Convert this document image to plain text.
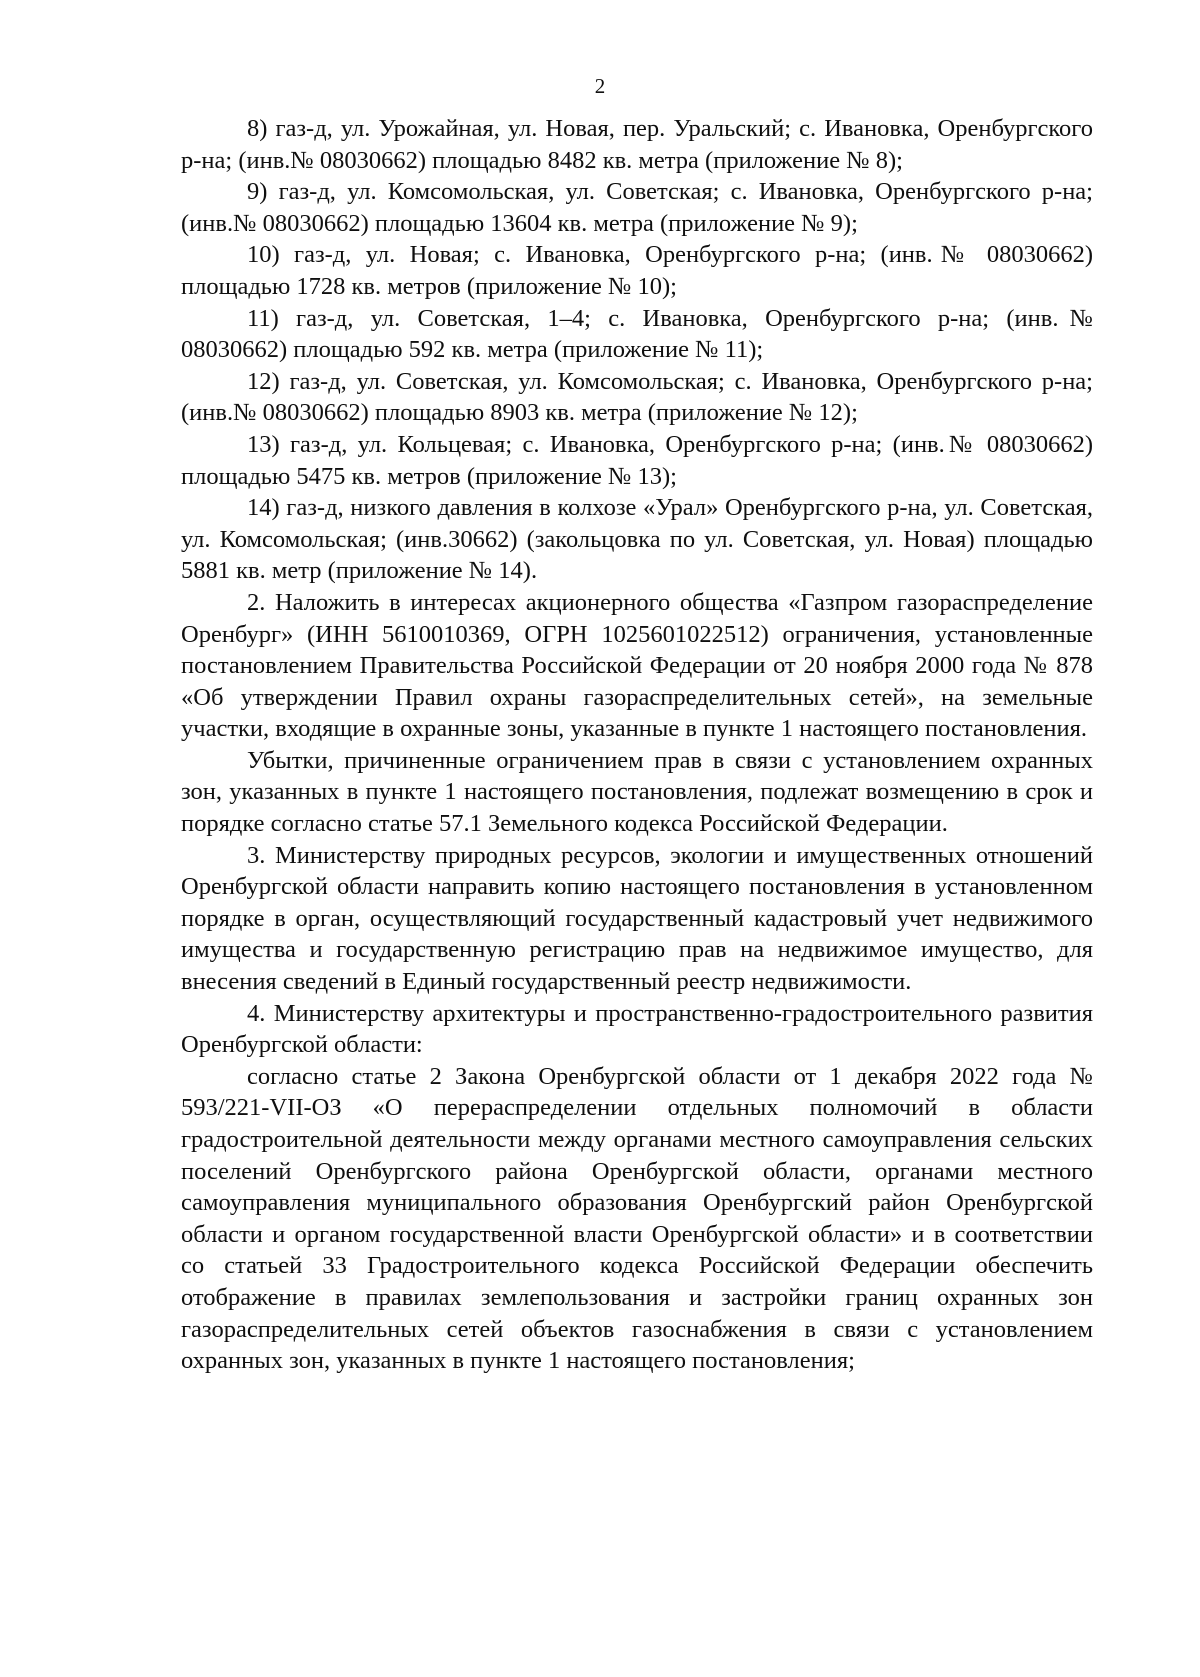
2

8) газ-д, ул. Урожайная, ул. Новая, пер. Уральский; с. Ивановка, Оренбургского р-на; (инв.№ 08030662) площадью 8482 кв. метра (приложение № 8);

9) газ-д, ул. Комсомольская, ул. Советская; с. Ивановка, Оренбургского р-на; (инв.№ 08030662) площадью 13604 кв. метра (приложение № 9);

10) газ-д, ул. Новая; с. Ивановка, Оренбургского р-на; (инв.№ 08030662) площадью 1728 кв. метров (приложение № 10);

11) газ-д, ул. Советская, 1–4; с. Ивановка, Оренбургского р-на; (инв.№ 08030662) площадью 592 кв. метра (приложение № 11);

12) газ-д, ул. Советская, ул. Комсомольская; с. Ивановка, Оренбургского р-на; (инв.№ 08030662) площадью 8903 кв. метра (приложение № 12);

13) газ-д, ул. Кольцевая; с. Ивановка, Оренбургского р-на; (инв.№ 08030662) площадью 5475 кв. метров (приложение № 13);

14) газ-д, низкого давления в колхозе «Урал» Оренбургского р-на, ул. Советская, ул. Комсомольская; (инв.30662) (закольцовка по ул. Советская, ул. Новая) площадью 5881 кв. метр (приложение № 14).

2. Наложить в интересах акционерного общества «Газпром газораспределение Оренбург» (ИНН 5610010369, ОГРН 1025601022512) ограничения, установленные постановлением Правительства Российской Федерации от 20 ноября 2000 года № 878 «Об утверждении Правил охраны газораспределительных сетей», на земельные участки, входящие в охранные зоны, указанные в пункте 1 настоящего постановления.

Убытки, причиненные ограничением прав в связи с установлением охранных зон, указанных в пункте 1 настоящего постановления, подлежат возмещению в срок и порядке согласно статье 57.1 Земельного кодекса Российской Федерации.

3. Министерству природных ресурсов, экологии и имущественных отношений Оренбургской области направить копию настоящего постановления в установленном порядке в орган, осуществляющий государственный кадастровый учет недвижимого имущества и государственную регистрацию прав на недвижимое имущество, для внесения сведений в Единый государственный реестр недвижимости.

4. Министерству архитектуры и пространственно-градостроительного развития Оренбургской области:

согласно статье 2 Закона Оренбургской области от 1 декабря 2022 года № 593/221-VII-ОЗ «О перераспределении отдельных полномочий в области градостроительной деятельности между органами местного самоуправления сельских поселений Оренбургского района Оренбургской области, органами местного самоуправления муниципального образования Оренбургский район Оренбургской области и органом государственной власти Оренбургской области» и в соответствии со статьей 33 Градостроительного кодекса Российской Федерации обеспечить отображение в правилах землепользования и застройки границ охранных зон газораспределительных сетей объектов газоснабжения в связи с установлением охранных зон, указанных в пункте 1 настоящего постановления;
